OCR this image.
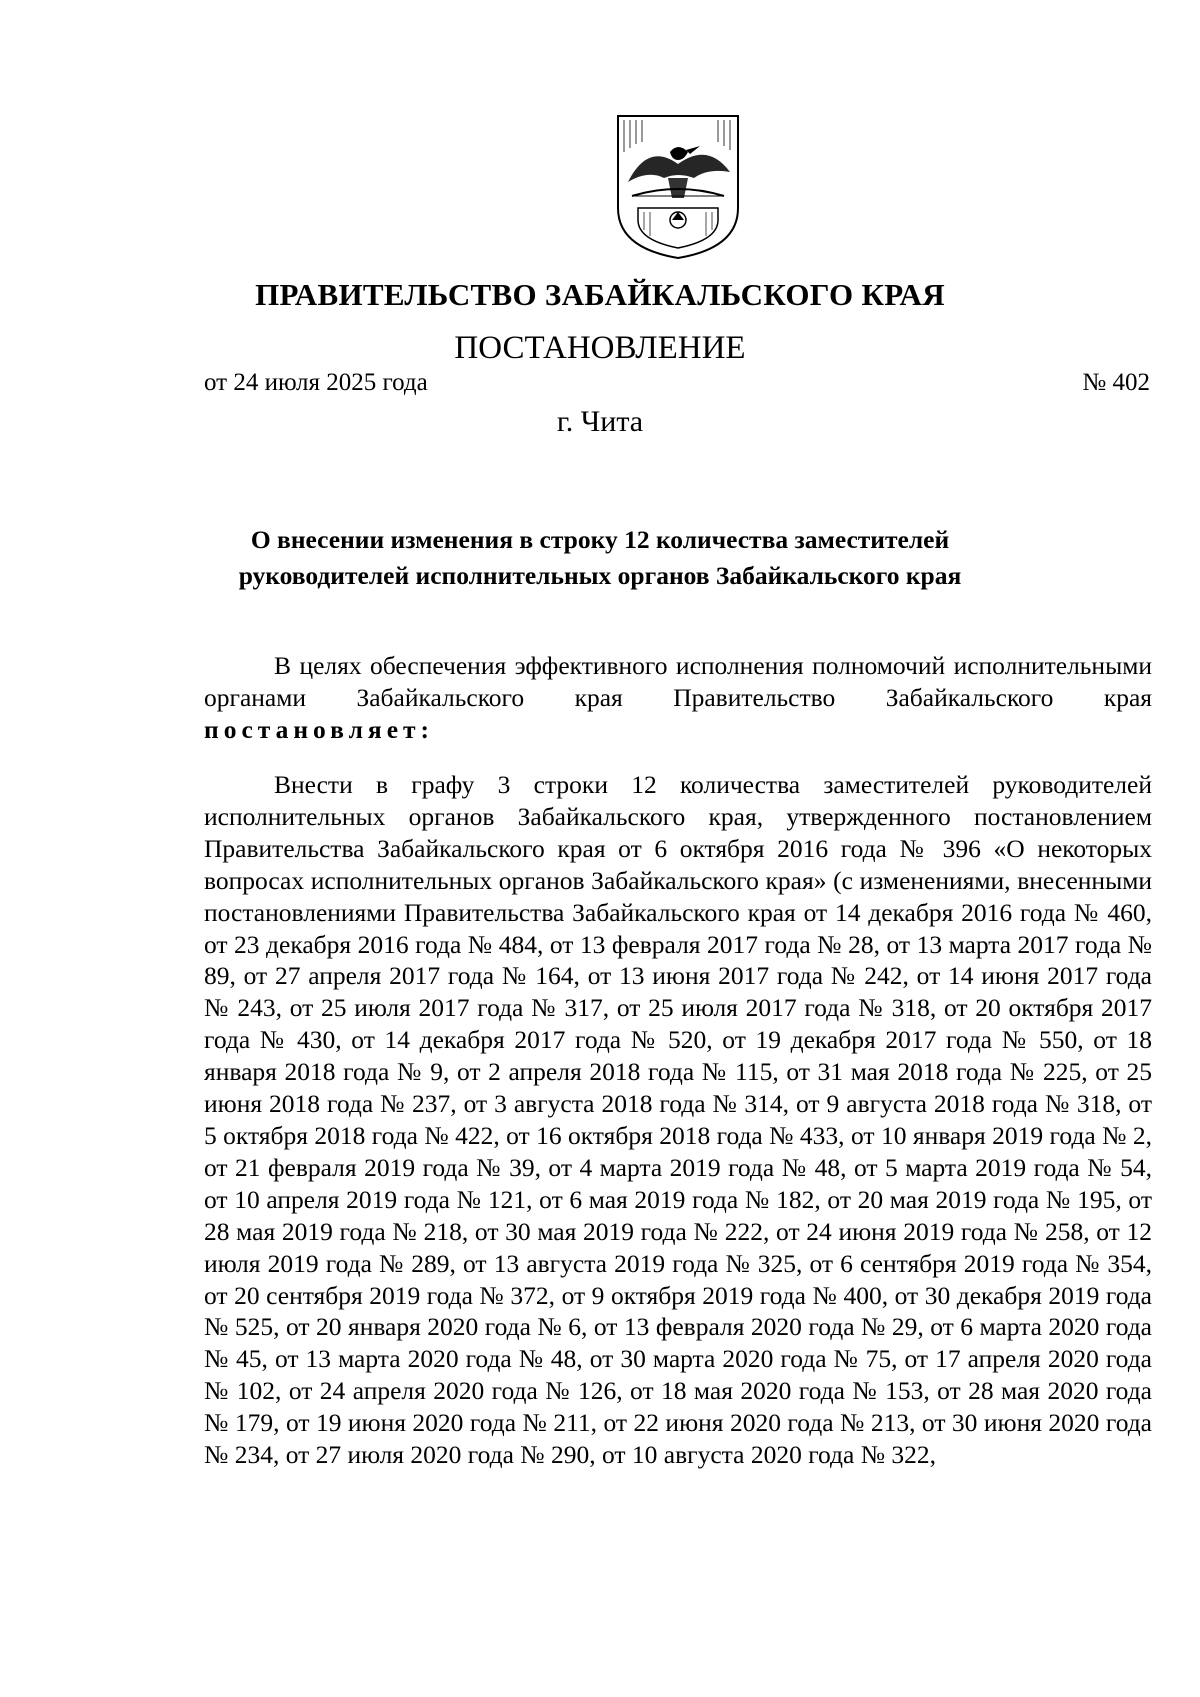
ПРАВИТЕЛЬСТВО ЗАБАЙКАЛЬСКОГО КРАЯ
ПОСТАНОВЛЕНИЕ
от 24 июля 2025 года	№ 402
г. Чита
О внесении изменения в строку 12 количества заместителей
руководителей исполнительных органов Забайкальского края
В целях обеспечения эффективного исполнения полномочий исполнительными органами Забайкальского края Правительство Забайкальского края постановляет:
Внести в графу 3 строки 12 количества заместителей руководителей исполнительных органов Забайкальского края, утвержденного постановлением Правительства Забайкальского края от 6 октября 2016 года № 396 «О некоторых вопросах исполнительных органов Забайкальского края» (с изменениями, внесенными постановлениями Правительства Забайкальского края от 14 декабря 2016 года № 460, от 23 декабря 2016 года № 484, от 13 февраля 2017 года № 28, от 13 марта 2017 года № 89, от 27 апреля 2017 года № 164, от 13 июня 2017 года № 242, от 14 июня 2017 года № 243, от 25 июля 2017 года № 317, от 25 июля 2017 года № 318, от 20 октября 2017 года № 430, от 14 декабря 2017 года № 520, от 19 декабря 2017 года № 550, от 18 января 2018 года № 9, от 2 апреля 2018 года № 115, от 31 мая 2018 года № 225, от 25 июня 2018 года № 237, от 3 августа 2018 года № 314, от 9 августа 2018 года № 318, от 5 октября 2018 года № 422, от 16 октября 2018 года № 433, от 10 января 2019 года № 2, от 21 февраля 2019 года № 39, от 4 марта 2019 года № 48, от 5 марта 2019 года № 54, от 10 апреля 2019 года № 121, от 6 мая 2019 года № 182, от 20 мая 2019 года № 195, от 28 мая 2019 года № 218, от 30 мая 2019 года № 222, от 24 июня 2019 года № 258, от 12 июля 2019 года № 289, от 13 августа 2019 года № 325, от 6 сентября 2019 года № 354, от 20 сентября 2019 года № 372, от 9 октября 2019 года № 400, от 30 декабря 2019 года № 525, от 20 января 2020 года № 6, от 13 февраля 2020 года № 29, от 6 марта 2020 года № 45, от 13 марта 2020 года № 48, от 30 марта 2020 года № 75, от 17 апреля 2020 года № 102, от 24 апреля 2020 года № 126, от 18 мая 2020 года № 153, от 28 мая 2020 года № 179, от 19 июня 2020 года № 211, от 22 июня 2020 года № 213, от 30 июня 2020 года № 234, от 27 июля 2020 года № 290, от 10 августа 2020 года № 322,
